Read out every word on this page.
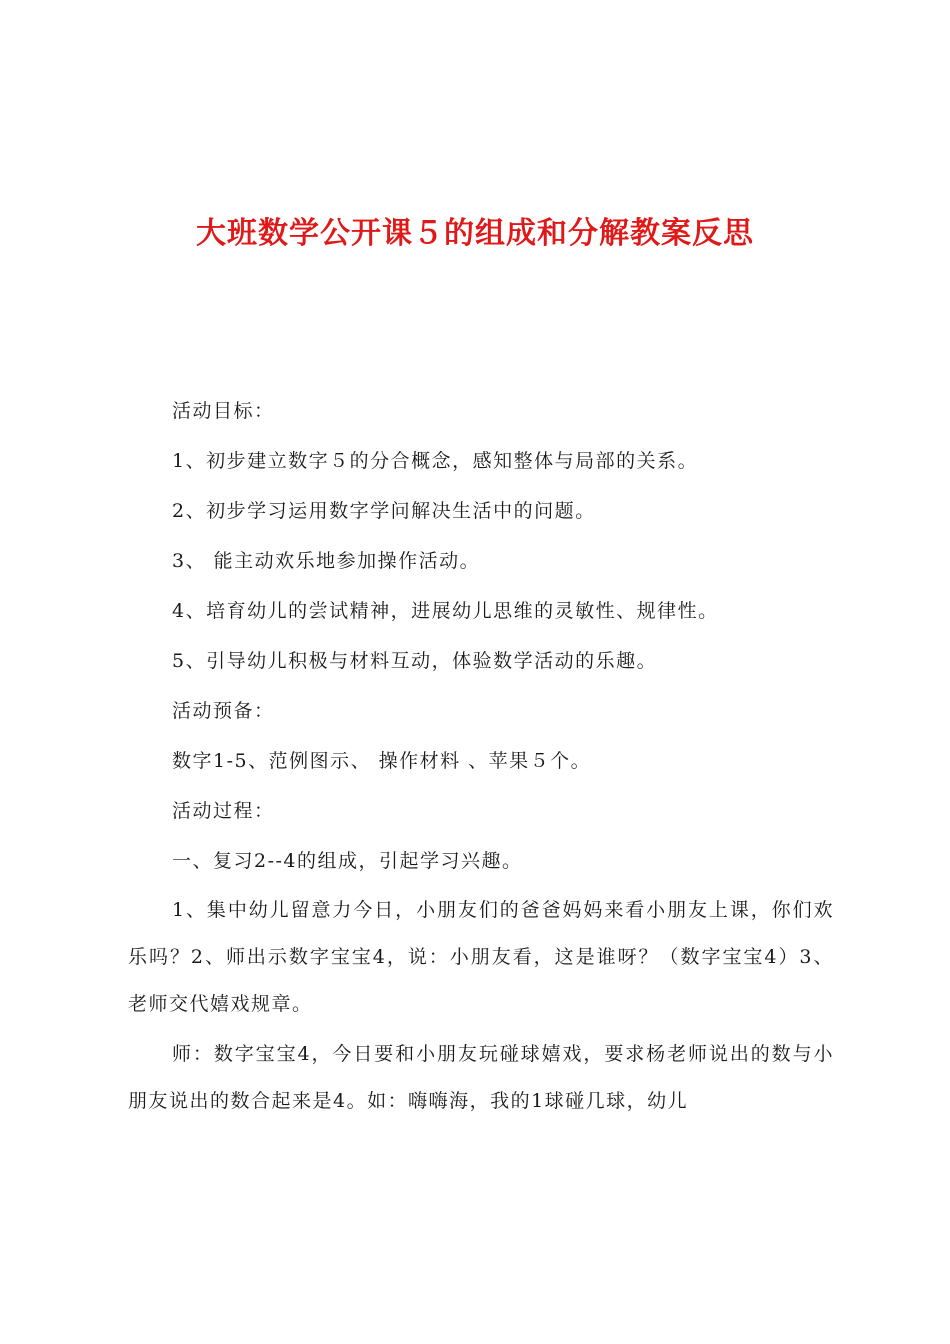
大班数学公开课５的组成和分解教案反思
活动目标：
1、初步建立数字５的分合概念，感知整体与局部的关系。
2、初步学习运用数字学问解决生活中的问题。
3、 能主动欢乐地参加操作活动。
4、培育幼儿的尝试精神，进展幼儿思维的灵敏性、规律性。
5、引导幼儿积极与材料互动，体验数学活动的乐趣。
活动预备：
数字1-5、范例图示、 操作材料 、苹果５个。
活动过程：
一、复习2--4的组成，引起学习兴趣。

1、集中幼儿留意力今日，小朋友们的爸爸妈妈来看小朋友上课，你们欢乐吗？2、师出示数字宝宝4，说：小朋友看，这是谁呀？（数字宝宝4）3、老师交代嬉戏规章。

师：数字宝宝4，今日要和小朋友玩碰球嬉戏，要求杨老师说出的数与小朋友说出的数合起来是4。如：嗨嗨海，我的1球碰几球，幼儿
